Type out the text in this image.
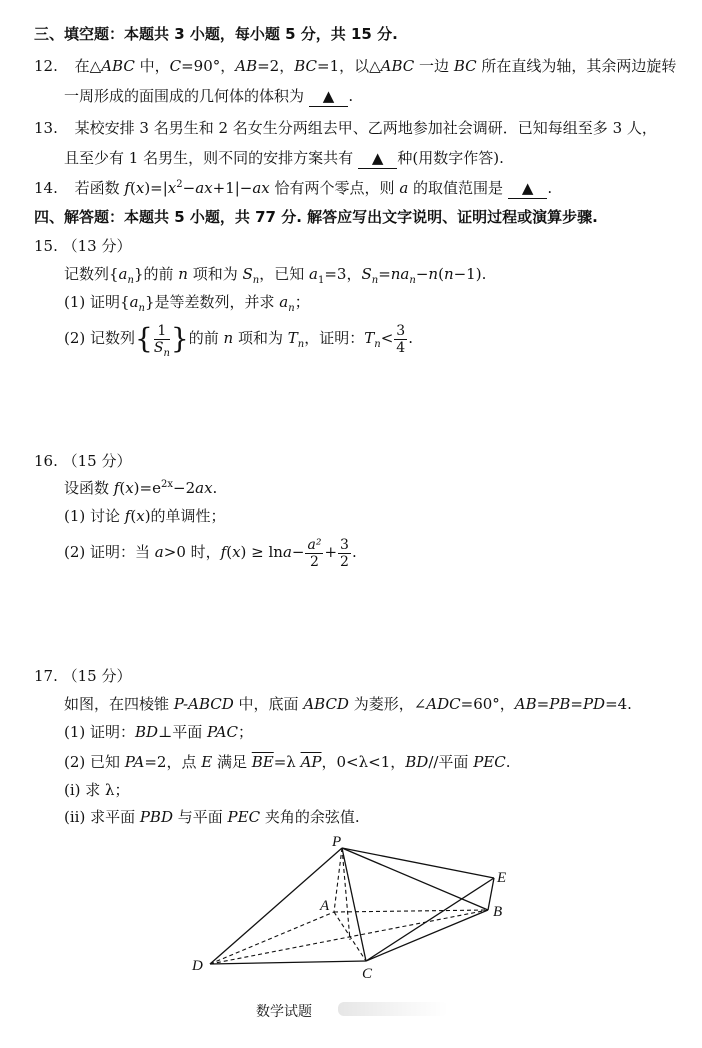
三、填空题：本题共 3 小题，每小题 5 分，共 15 分.
12. 在△ABC 中，C=90°，AB=2，BC=1，以△ABC 一边 BC 所在直线为轴，其余两边旋转
一周形成的面围成的几何体的体积为 ▲ .
13. 某校安排 3 名男生和 2 名女生分两组去甲、乙两地参加社会调研．已知每组至多 3 人，
且至少有 1 名男生，则不同的安排方案共有 ▲ 种(用数字作答).
14. 若函数 $f(x)=|x^2-ax+1|-ax$ 恰有两个零点，则 a 的取值范围是 ▲ .
四、解答题：本题共 5 小题，共 77 分. 解答应写出文字说明、证明过程或演算步骤.
15. （13 分）
记数列$\{a_n\}$的前 n 项和为 $S_n$，已知 $a_1=3$，$S_n=na_n-n(n-1)$.
(1) 证明$\{a_n\}$是等差数列，并求 $a_n$；
(2) 记数列{ $\frac{1}{S_n}$ }的前 n 项和为 $T_n$，证明：$T_n< \frac{3}{4}$ .
16. （15 分）
设函数 $f(x)=e^{2x}-2ax$.
(1) 讨论 f(x)的单调性；
(2) 证明：当 a>0 时，$f(x) \ge \ln a- \frac{\text{a²}}{2} + \frac{3}{2}$ .
17. （15 分）
如图，在四棱锥 P-ABCD 中，底面 ABCD 为菱形，∠ADC=60°，AB=PB=PD=4.
(1) 证明：BD⊥平面 PAC；
(2) 已知 PA=2，点 E 满足 $\overline{BE}=\lambda$ $\overline{AP}$，0<λ<1，BD//平面 PEC.
(i) 求 λ；
(ii) 求平面 PBD 与平面 PEC 夹角的余弦值.
P
A	B
C
D
E
数学试题
